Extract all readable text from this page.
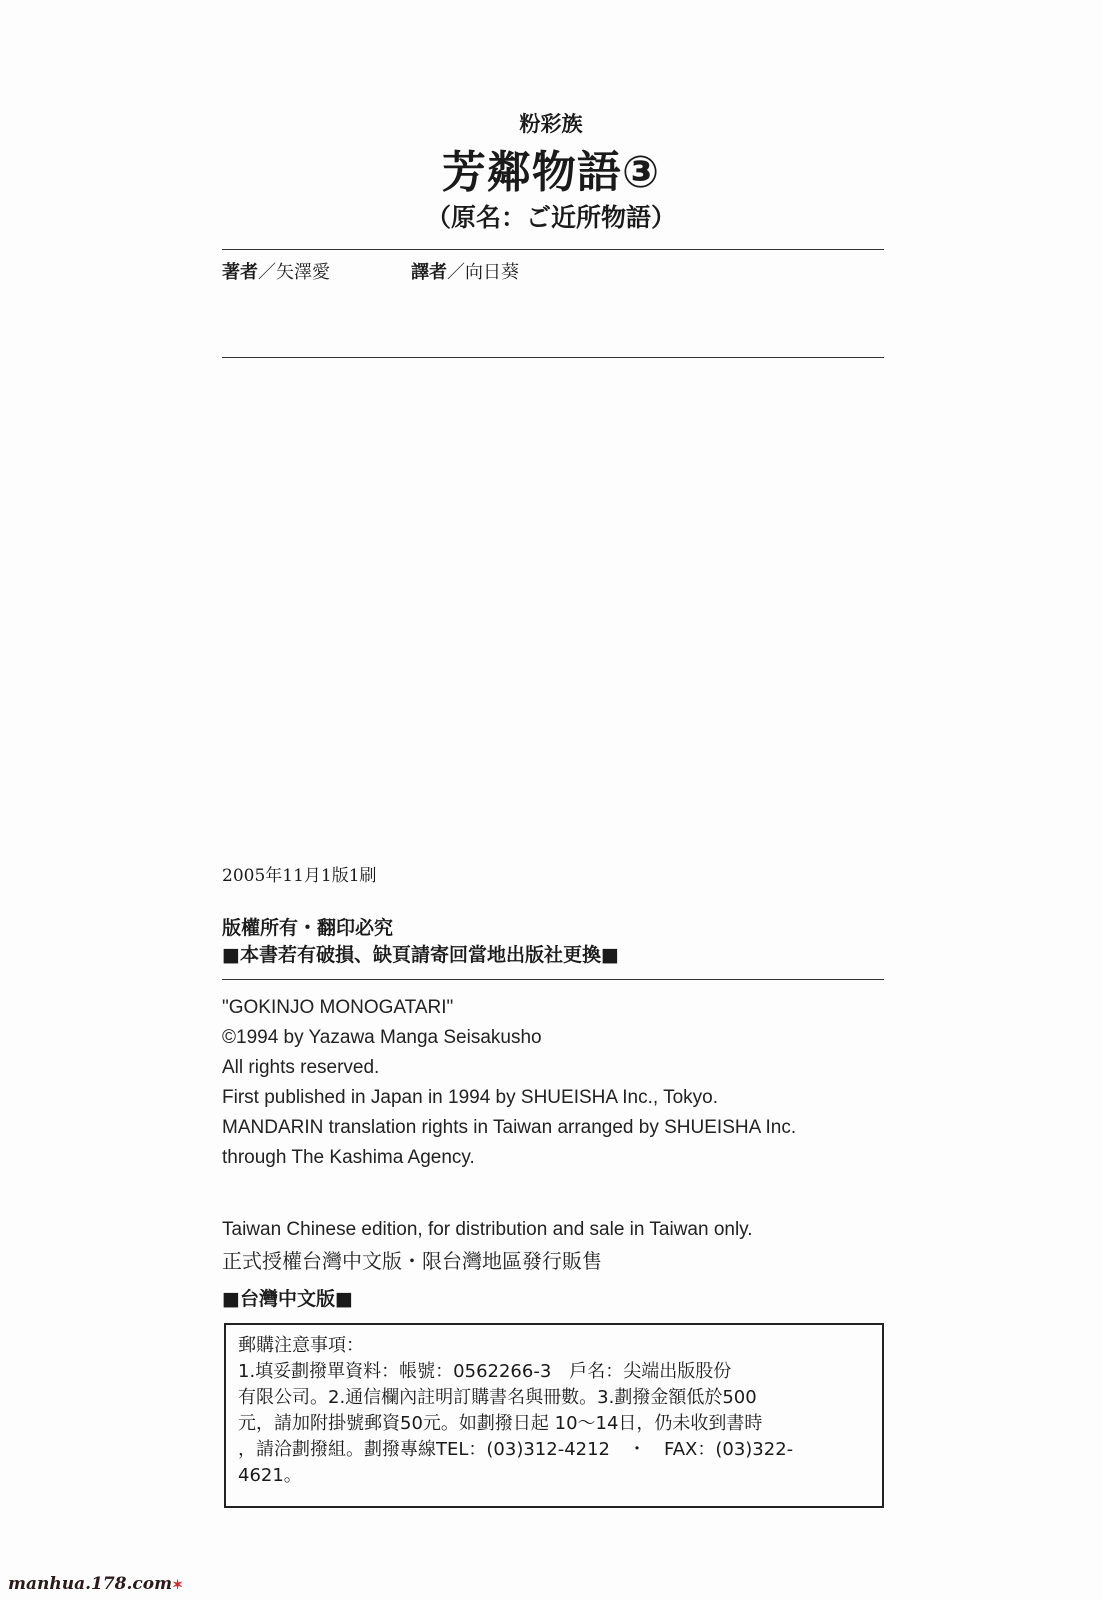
粉彩族
芳鄰物語③
（原名：ご近所物語）
著者／矢澤愛	譯者／向日葵
2005年11月1版1刷
版權所有・翻印必究
■本書若有破損、缺頁請寄回當地出版社更換■
"GOKINJO MONOGATARI"
©1994 by Yazawa Manga Seisakusho
All rights reserved.
First published in Japan in 1994 by SHUEISHA Inc., Tokyo.
MANDARIN translation rights in Taiwan arranged by SHUEISHA Inc.
through The Kashima Agency.
Taiwan Chinese edition, for distribution and sale in Taiwan only.
正式授權台灣中文版・限台灣地區發行販售
■台灣中文版■
郵購注意事項：
1.填妥劃撥單資料：帳號：0562266-3　戶名：尖端出版股份
有限公司。2.通信欄內註明訂購書名與冊數。3.劃撥金額低於500
元，請加附掛號郵資50元。如劃撥日起 10～14日，仍未收到書時
，請洽劃撥組。劃撥專線TEL：(03)312-4212　・　FAX：(03)322-
4621。
manhua.178.com✶
